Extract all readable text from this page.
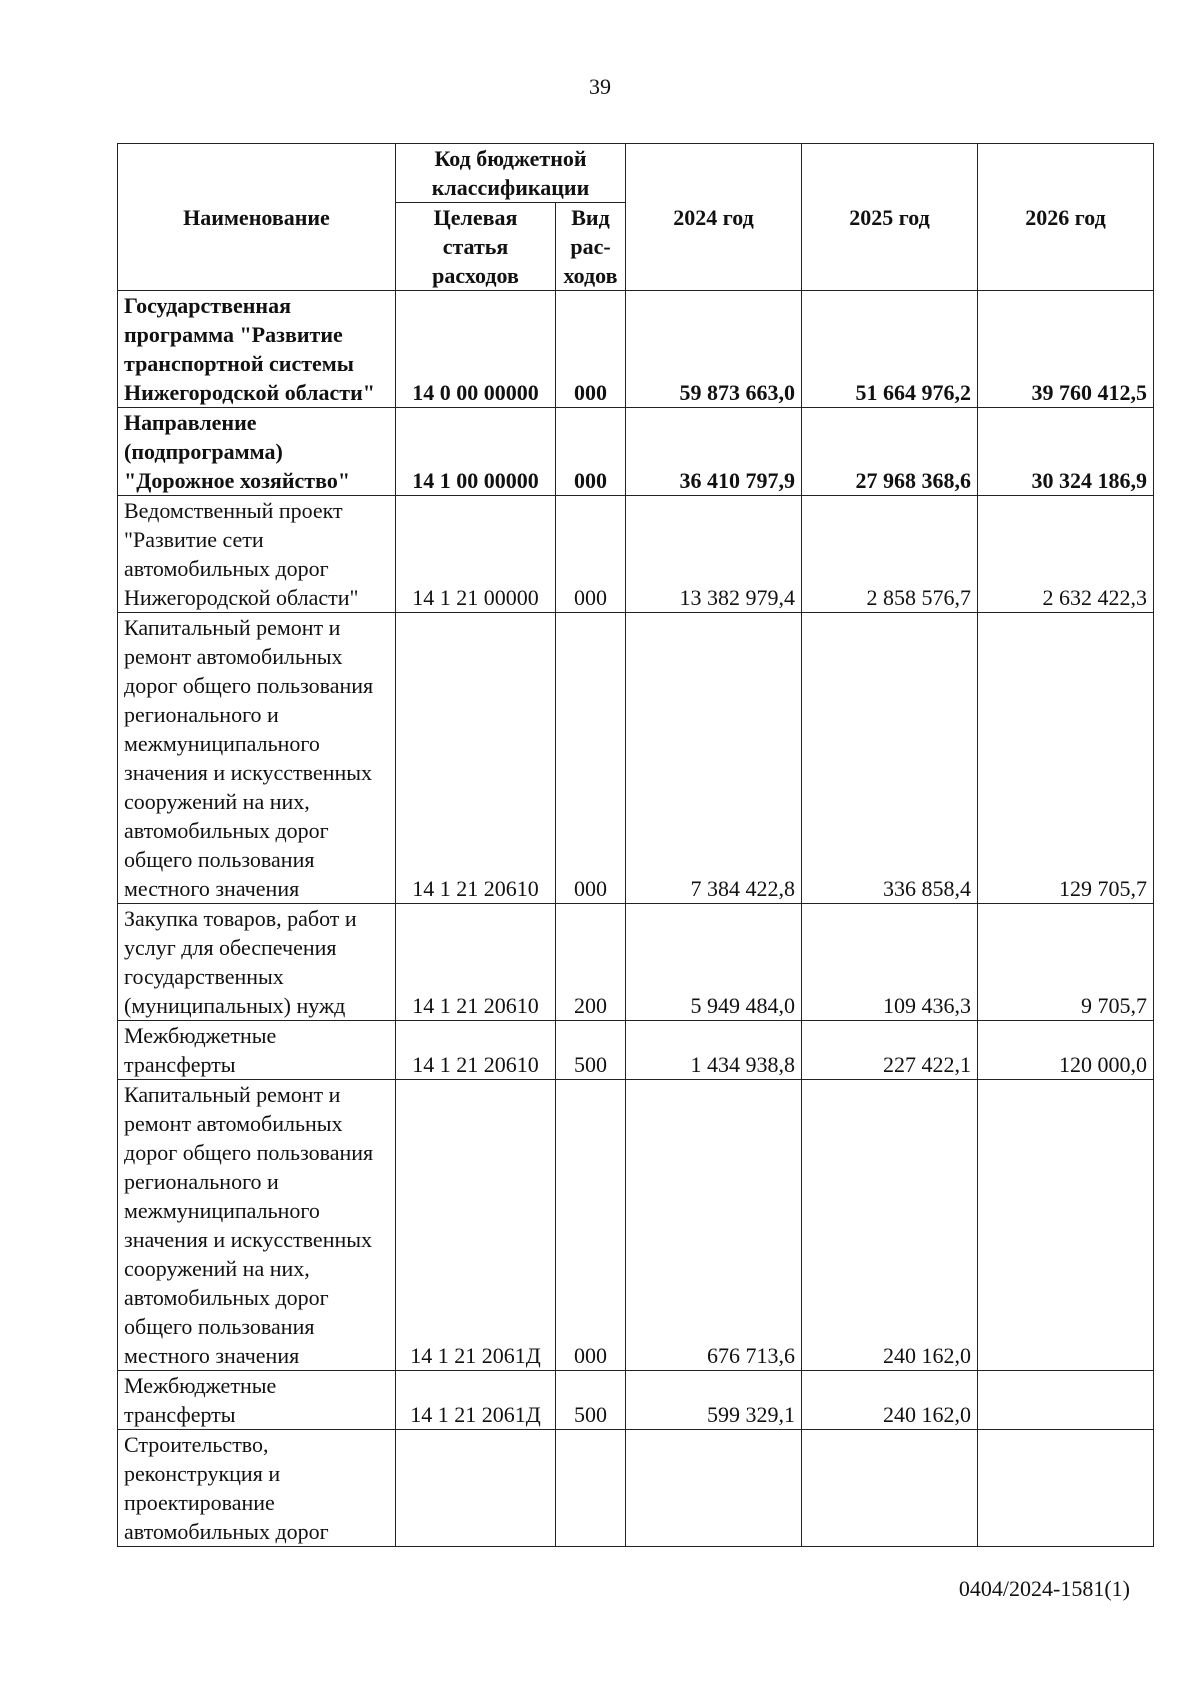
39
Наименование	Код бюджетной классификации		2024 год	2025 год	2026 год
	Целевая статья расходов	Вид рас-ходов			
Государственная программа "Развитие транспортной системы Нижегородской области"	14 0 00 00000	000	59 873 663,0	51 664 976,2	39 760 412,5
Направление (подпрограмма) "Дорожное хозяйство"	14 1 00 00000	000	36 410 797,9	27 968 368,6	30 324 186,9
Ведомственный проект "Развитие сети автомобильных дорог Нижегородской области"	14 1 21 00000	000	13 382 979,4	2 858 576,7	2 632 422,3
Капитальный ремонт и ремонт автомобильных дорог общего пользования регионального и межмуниципального значения и искусственных сооружений на них, автомобильных дорог общего пользования местного значения	14 1 21 20610	000	7 384 422,8	336 858,4	129 705,7
Закупка товаров, работ и услуг для обеспечения государственных (муниципальных) нужд	14 1 21 20610	200	5 949 484,0	109 436,3	9 705,7
Межбюджетные трансферты	14 1 21 20610	500	1 434 938,8	227 422,1	120 000,0
Капитальный ремонт и ремонт автомобильных дорог общего пользования регионального и межмуниципального значения и искусственных сооружений на них, автомобильных дорог общего пользования местного значения	14 1 21 2061Д	000	676 713,6	240 162,0	
Межбюджетные трансферты	14 1 21 2061Д	500	599 329,1	240 162,0	
Строительство, реконструкция и проектирование автомобильных дорог					
0404/2024-1581(1)
